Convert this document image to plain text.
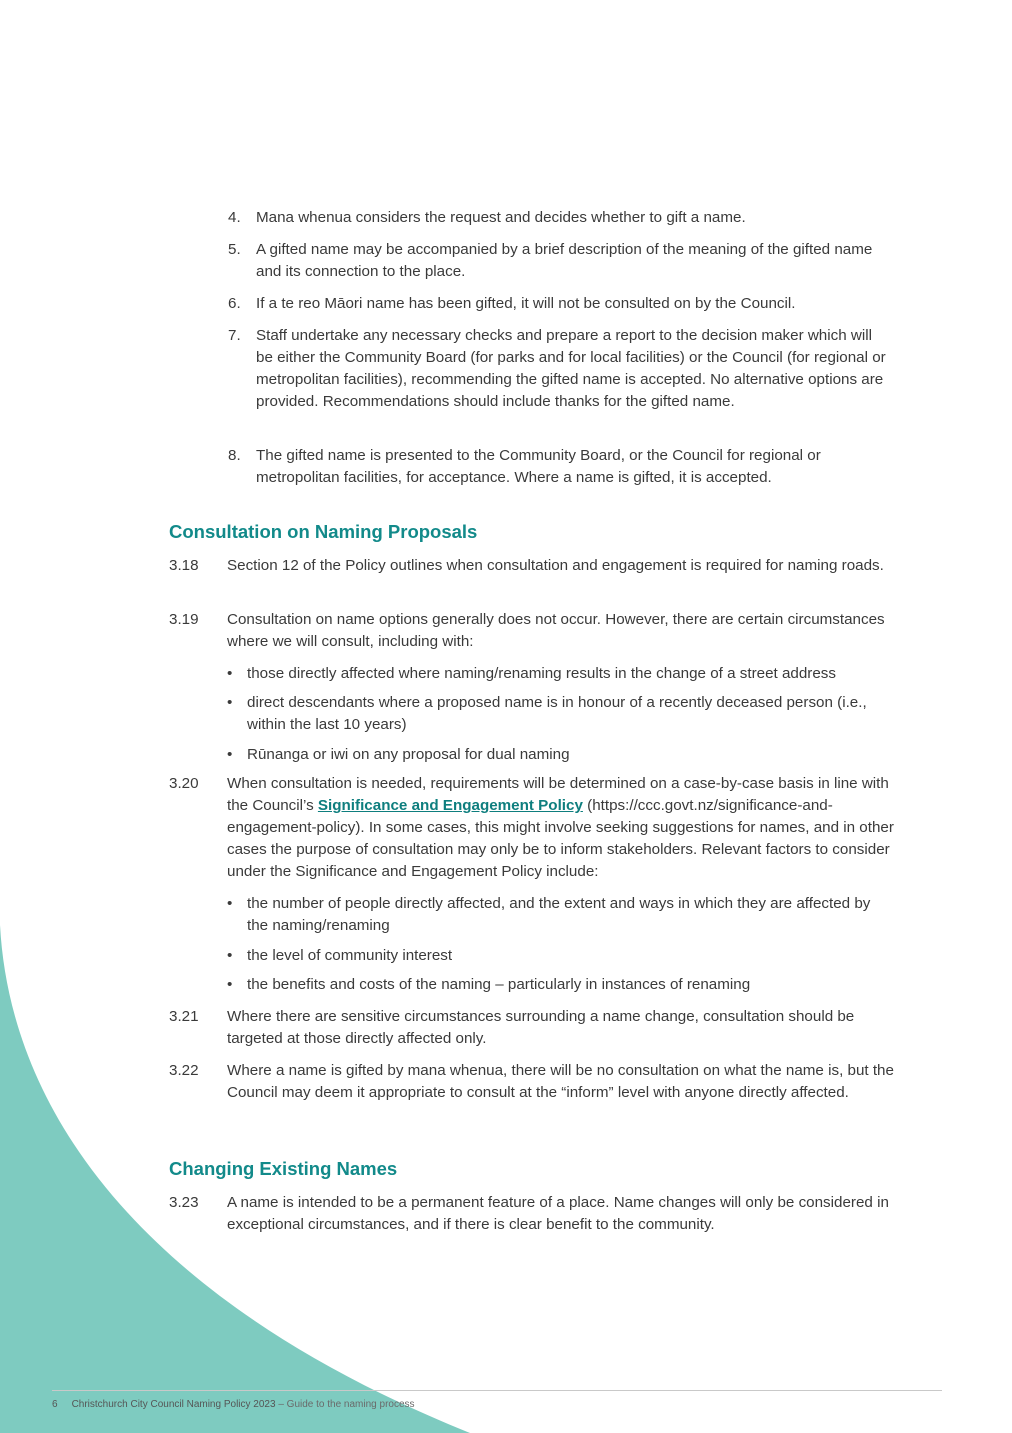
4. Mana whenua considers the request and decides whether to gift a name.
5. A gifted name may be accompanied by a brief description of the meaning of the gifted name and its connection to the place.
6. If a te reo Māori name has been gifted, it will not be consulted on by the Council.
7. Staff undertake any necessary checks and prepare a report to the decision maker which will be either the Community Board (for parks and for local facilities) or the Council (for regional or metropolitan facilities), recommending the gifted name is accepted. No alternative options are provided. Recommendations should include thanks for the gifted name.
8. The gifted name is presented to the Community Board, or the Council for regional or metropolitan facilities, for acceptance. Where a name is gifted, it is accepted.
Consultation on Naming Proposals
3.18 Section 12 of the Policy outlines when consultation and engagement is required for naming roads.
3.19 Consultation on name options generally does not occur. However, there are certain circumstances where we will consult, including with:
• those directly affected where naming/renaming results in the change of a street address
• direct descendants where a proposed name is in honour of a recently deceased person (i.e., within the last 10 years)
• Rūnanga or iwi on any proposal for dual naming
3.20 When consultation is needed, requirements will be determined on a case-by-case basis in line with the Council’s Significance and Engagement Policy (https://ccc.govt.nz/significance-and-engagement-policy). In some cases, this might involve seeking suggestions for names, and in other cases the purpose of consultation may only be to inform stakeholders. Relevant factors to consider under the Significance and Engagement Policy include:
• the number of people directly affected, and the extent and ways in which they are affected by the naming/renaming
• the level of community interest
• the benefits and costs of the naming – particularly in instances of renaming
3.21 Where there are sensitive circumstances surrounding a name change, consultation should be targeted at those directly affected only.
3.22 Where a name is gifted by mana whenua, there will be no consultation on what the name is, but the Council may deem it appropriate to consult at the “inform” level with anyone directly affected.
Changing Existing Names
3.23 A name is intended to be a permanent feature of a place. Name changes will only be considered in exceptional circumstances, and if there is clear benefit to the community.
6 Christchurch City Council Naming Policy 2023 – Guide to the naming process
